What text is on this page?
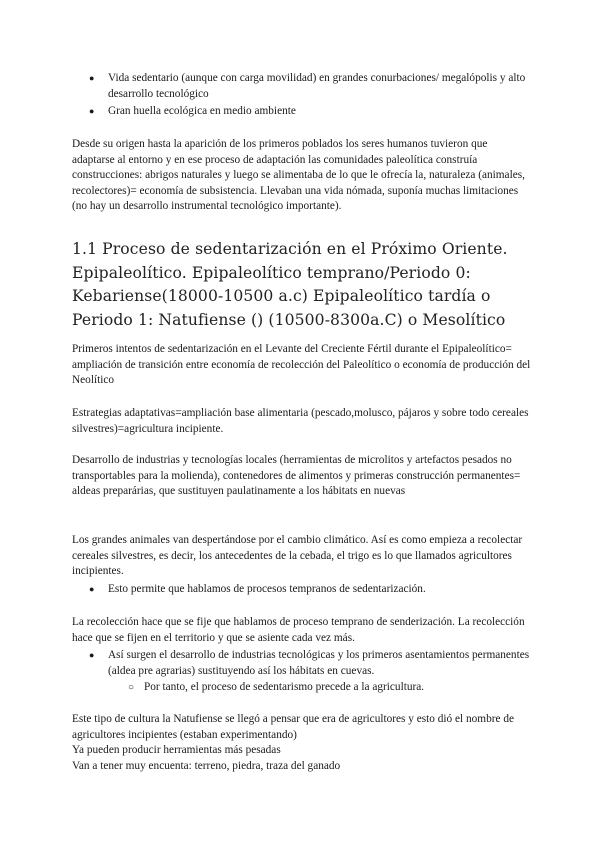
● Vida sedentario (aunque con carga movilidad) en grandes conurbaciones/ megalópolis y alto desarrollo tecnológico

● Gran huella ecológica en medio ambiente

Desde su origen hasta la aparición de los primeros poblados los seres humanos tuvieron que adaptarse al entorno y en ese proceso de adaptación las comunidades paleolítica construía construcciones: abrigos naturales y luego se alimentaba de lo que le ofrecía la, naturaleza (animales, recolectores)= economía de subsistencia. Llevaban una vida nómada, suponía muchas limitaciones (no hay un desarrollo instrumental tecnológico importante).

1.1 Proceso de sedentarización en el Próximo Oriente. Epipaleolítico. Epipaleolítico temprano/Periodo 0: Kebariense(18000-10500 a.c) Epipaleolítico tardía o Periodo 1: Natufiense () (10500-8300a.C) o Mesolítico

Primeros intentos de sedentarización en el Levante del Creciente Fértil durante el Epipaleolítico= ampliación de transición entre economía de recolección del Paleolítico o economía de producción del Neolítico

Estrategias adaptativas=ampliación base alimentaria (pescado,molusco, pájaros y sobre todo cereales silvestres)=agricultura incipiente.

Desarrollo de industrias y tecnologías locales (herramientas de microlitos y artefactos pesados no transportables para la molienda), contenedores de alimentos y primeras construcción permanentes= aldeas preparárias, que sustituyen paulatinamente a los hábitats en nuevas

Los grandes animales van despertándose por el cambio climático. Así es como empieza a recolectar cereales silvestres, es decir, los antecedentes de la cebada, el trigo es lo que llamados agricultores incipientes.

● Esto permite que hablamos de procesos tempranos de sedentarización.

La recolección hace que se fije que hablamos de proceso temprano de senderización. La recolección hace que se fijen en el territorio y que se asiente cada vez más.

● Así surgen el desarrollo de industrias tecnológicas y los primeros asentamientos permanentes (aldea pre agrarias) sustituyendo así los hábitats en cuevas.

○ Por tanto, el proceso de sedentarismo precede a la agricultura.

Este tipo de cultura la Natufiense se llegó a pensar que era de agricultores y esto dió el nombre de agricultores incipientes (estaban experimentando)

Ya pueden producir herramientas más pesadas

Van a tener muy encuenta: terreno, piedra, traza del ganado
